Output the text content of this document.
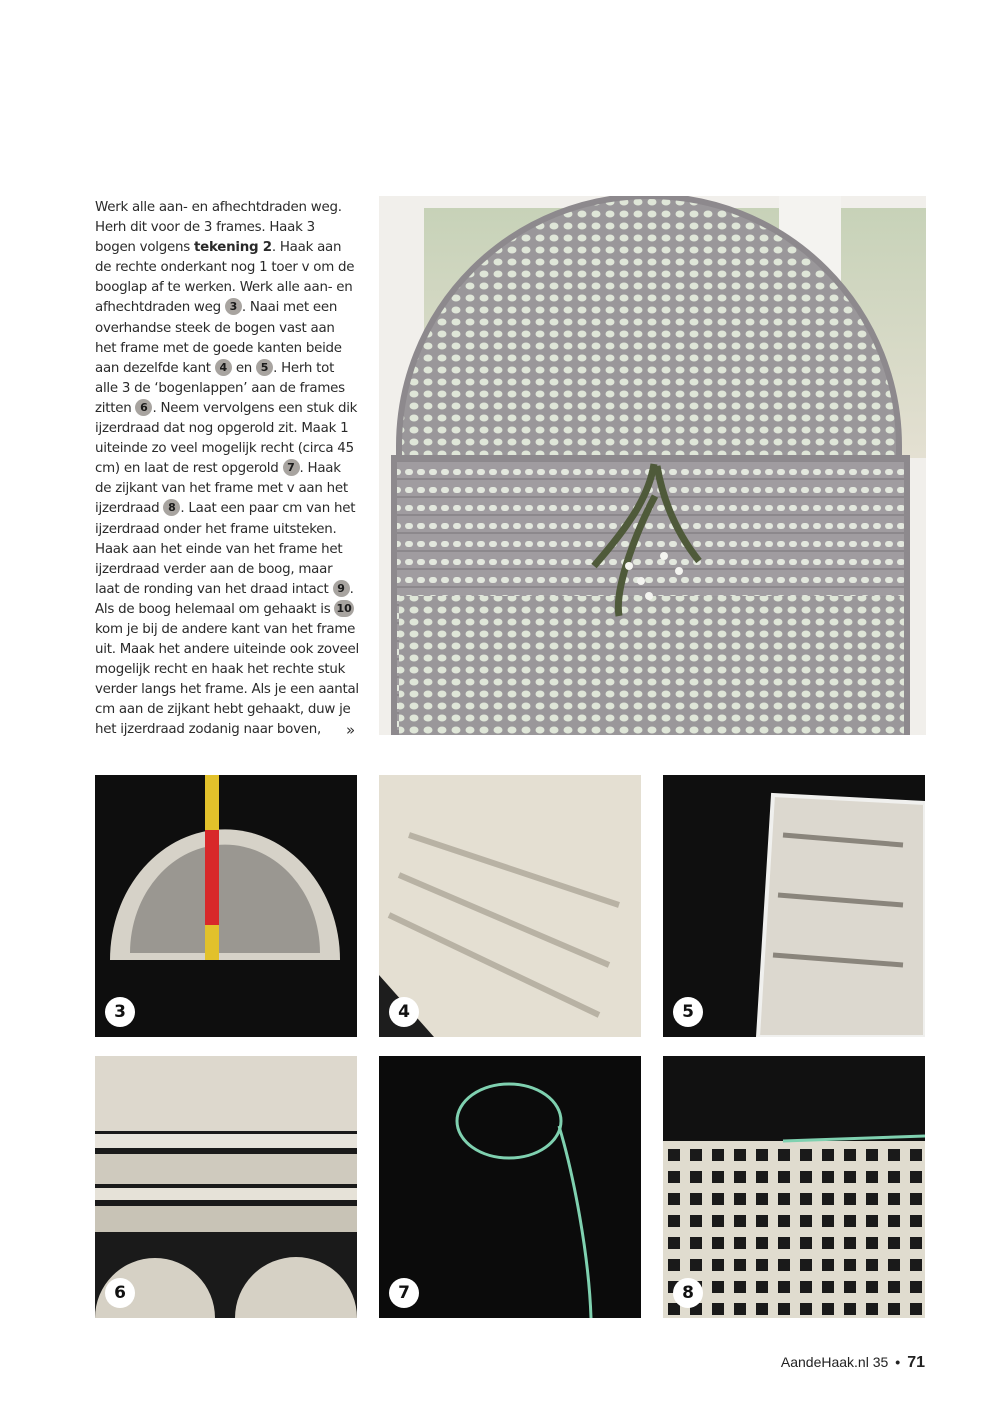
Werk alle aan- en afhechtdraden weg. Herh dit voor de 3 frames. Haak 3 bogen volgens tekening 2. Haak aan de rechte onderkant nog 1 toer v om de booglap af te werken. Werk alle aan- en afhechtdraden weg 3 . Naai met een overhandse steek de bogen vast aan het frame met de goede kanten beide aan dezelfde kant 4 en 5 . Herh tot alle 3 de ‘bogenlappen’ aan de frames zitten 6 . Neem vervolgens een stuk dik ijzerdraad dat nog opgerold zit. Maak 1 uiteinde zo veel mogelijk recht (circa 45 cm) en laat de rest opgerold 7 . Haak de zijkant van het frame met v aan het ijzerdraad 8 . Laat een paar cm van het ijzerdraad onder het frame uitsteken. Haak aan het einde van het frame het ijzerdraad verder aan de boog, maar laat de ronding van het draad intact 9 . Als de boog helemaal om gehaakt is 10 kom je bij de andere kant van het frame uit. Maak het andere uiteinde ook zoveel mogelijk recht en haak het rechte stuk verder langs het frame. Als je een aantal cm aan de zijkant hebt gehaakt, duw je het ijzerdraad zodanig naar boven,	»
3	4	5
6	7	8
AandeHaak.nl 35 • 71
